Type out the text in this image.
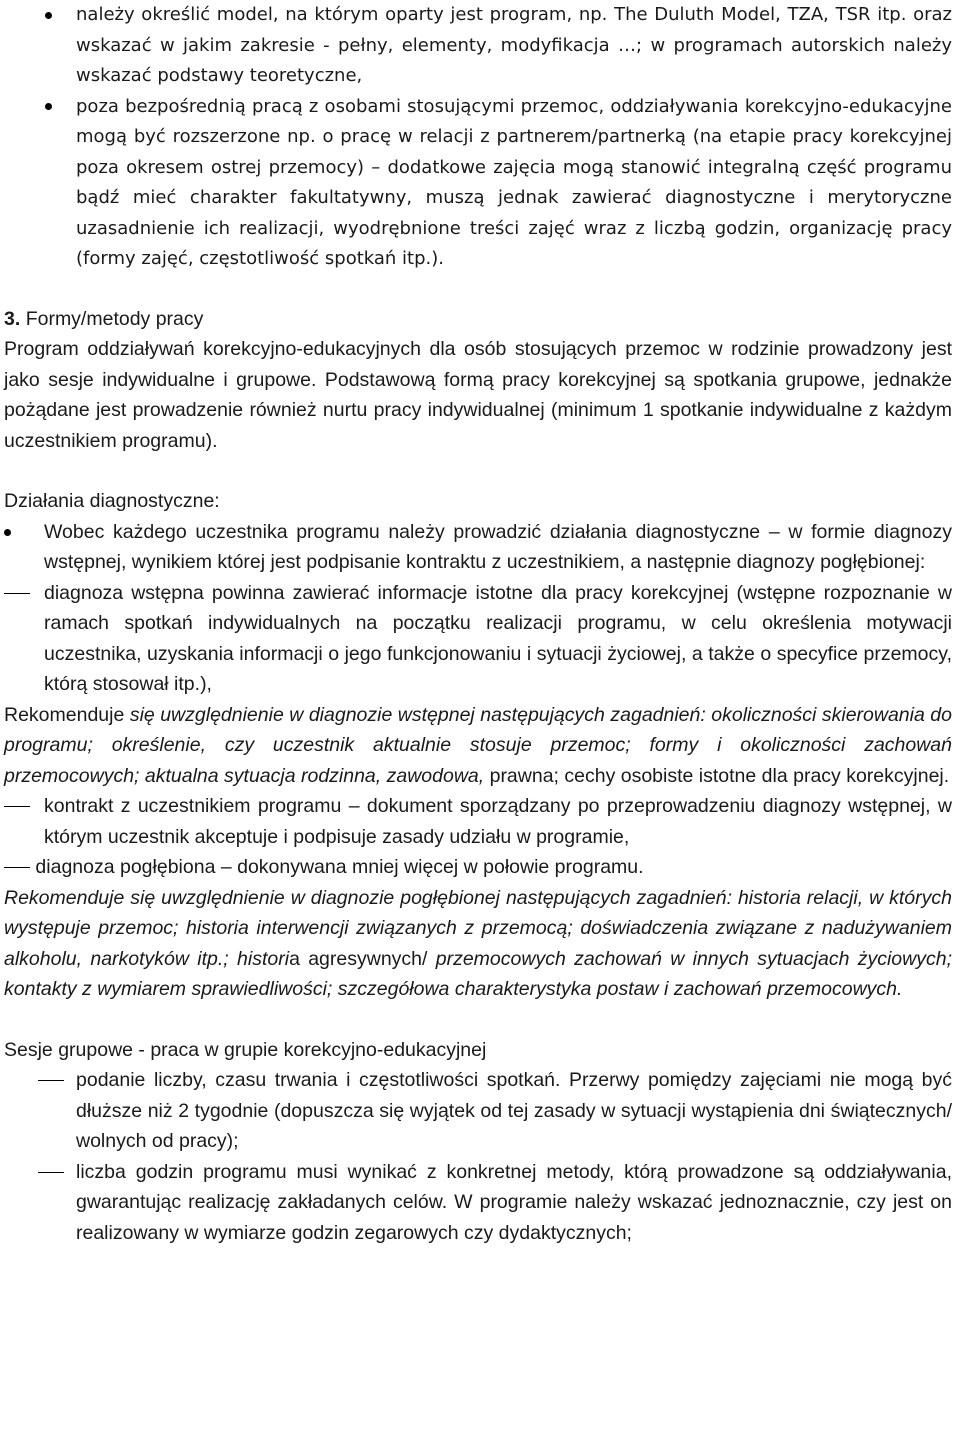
należy określić model, na którym oparty jest program, np. The Duluth Model, TZA, TSR itp. oraz wskazać w jakim zakresie - pełny, elementy, modyfikacja …; w programach autorskich należy wskazać podstawy teoretyczne,
poza bezpośrednią pracą z osobami stosującymi przemoc, oddziaływania korekcyjno-edukacyjne mogą być rozszerzone np. o pracę w relacji z partnerem/partnerką (na etapie pracy korekcyjnej poza okresem ostrej przemocy) – dodatkowe zajęcia mogą stanowić integralną część programu bądź mieć charakter fakultatywny, muszą jednak zawierać diagnostyczne i merytoryczne uzasadnienie ich realizacji, wyodrębnione treści zajęć wraz z liczbą godzin, organizację pracy (formy zajęć, częstotliwość spotkań itp.).

3. Formy/metody pracy

Program oddziaływań korekcyjno-edukacyjnych dla osób stosujących przemoc w rodzinie prowadzony jest jako sesje indywidualne i grupowe. Podstawową formą pracy korekcyjnej są spotkania grupowe, jednakże pożądane jest prowadzenie również nurtu pracy indywidualnej (minimum 1 spotkanie indywidualne z każdym uczestnikiem programu).

Działania diagnostyczne:

Wobec każdego uczestnika programu należy prowadzić działania diagnostyczne – w formie diagnozy wstępnej, wynikiem której jest podpisanie kontraktu z uczestnikiem, a następnie diagnozy pogłębionej:
diagnoza wstępna powinna zawierać informacje istotne dla pracy korekcyjnej (wstępne rozpoznanie w ramach spotkań indywidualnych na początku realizacji programu, w celu określenia motywacji uczestnika, uzyskania informacji o jego funkcjonowaniu i sytuacji życiowej, a także o specyfice przemocy, którą stosował itp.),

Rekomenduje się uwzględnienie w diagnozie wstępnej następujących zagadnień: okoliczności skierowania do programu; określenie, czy uczestnik aktualnie stosuje przemoc; formy i okoliczności zachowań przemocowych; aktualna sytuacja rodzinna, zawodowa, prawna; cechy osobiste istotne dla pracy korekcyjnej.

kontrakt z uczestnikiem programu – dokument sporządzany po przeprowadzeniu diagnozy wstępnej, w którym uczestnik akceptuje i podpisuje zasady udziału w programie,

diagnoza pogłębiona – dokonywana mniej więcej w połowie programu.

Rekomenduje się uwzględnienie w diagnozie pogłębionej następujących zagadnień: historia relacji, w których występuje przemoc; historia interwencji związanych z przemocą; doświadczenia związane z nadużywaniem alkoholu, narkotyków itp.; historia agresywnych/ przemocowych zachowań w innych sytuacjach życiowych; kontakty z wymiarem sprawiedliwości; szczegółowa charakterystyka postaw i zachowań przemocowych.

Sesje grupowe - praca w grupie korekcyjno-edukacyjnej

podanie liczby, czasu trwania i częstotliwości spotkań. Przerwy pomiędzy zajęciami nie mogą być dłuższe niż 2 tygodnie (dopuszcza się wyjątek od tej zasady w sytuacji wystąpienia dni świątecznych/ wolnych od pracy);
liczba godzin programu musi wynikać z konkretnej metody, którą prowadzone są oddziaływania, gwarantując realizację zakładanych celów. W programie należy wskazać jednoznacznie, czy jest on realizowany w wymiarze godzin zegarowych czy dydaktycznych;
